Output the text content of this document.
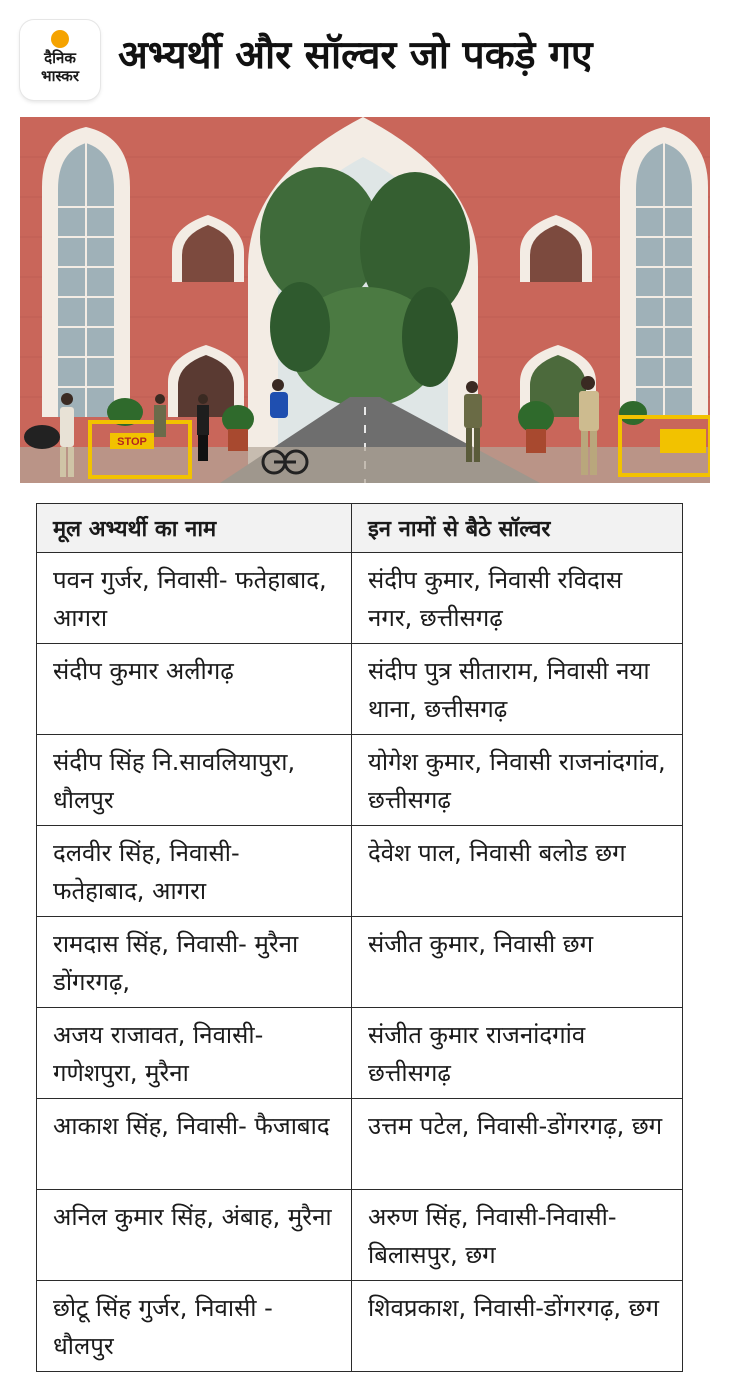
दैनिक
भास्कर	अभ्यर्थी और सॉल्वर जो पकड़े गए
STOP
मूल अभ्यर्थी का नाम	इन नामों से बैठे सॉल्वर
पवन गुर्जर, निवासी- फतेहाबाद, आगरा	संदीप कुमार, निवासी रविदास नगर, छत्तीसगढ़
संदीप कुमार अलीगढ़	संदीप पुत्र सीताराम, निवासी नया थाना, छत्तीसगढ़
संदीप सिंह नि.सावलियापुरा, धौलपुर	योगेश कुमार, निवासी राजनांदगांव, छत्तीसगढ़
दलवीर सिंह, निवासी- फतेहाबाद, आगरा	देवेश पाल, निवासी बलोड छग
रामदास सिंह, निवासी- मुरैना डोंगरगढ़,	संजीत कुमार, निवासी छग
अजय राजावत, निवासी- गणेशपुरा, मुरैना	संजीत कुमार राजनांदगांव छत्तीसगढ़
आकाश सिंह, निवासी- फैजाबाद	उत्तम पटेल, निवासी-डोंगरगढ़, छग
अनिल कुमार सिंह, अंबाह, मुरैना	अरुण सिंह, निवासी-निवासी- बिलासपुर, छग
छोटू सिंह गुर्जर, निवासी - धौलपुर	शिवप्रकाश, निवासी-डोंगरगढ़, छग
